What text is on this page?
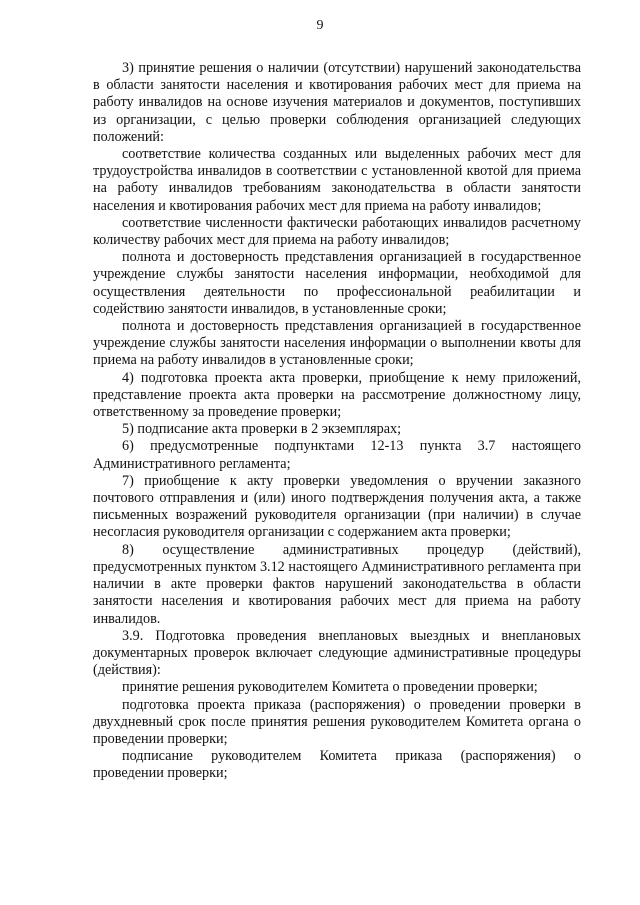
9

3) принятие решения о наличии (отсутствии) нарушений законодательства в области занятости населения и квотирования рабочих мест для приема на работу инвалидов на основе изучения материалов и документов, поступивших из организации, с целью проверки соблюдения организацией следующих положений:

соответствие количества созданных или выделенных рабочих мест для трудоустройства инвалидов в соответствии с установленной квотой для приема на работу инвалидов требованиям законодательства в области занятости населения и квотирования рабочих мест для приема на работу инвалидов;

соответствие численности фактически работающих инвалидов расчетному количеству рабочих мест для приема на работу инвалидов;

полнота и достоверность представления организацией в государственное учреждение службы занятости населения информации, необходимой для осуществления деятельности по профессиональной реабилитации и содействию занятости инвалидов, в установленные сроки;

полнота и достоверность представления организацией в государственное учреждение службы занятости населения информации о выполнении квоты для приема на работу инвалидов в установленные сроки;

4) подготовка проекта акта проверки, приобщение к нему приложений, представление проекта акта проверки на рассмотрение должностному лицу, ответственному за проведение проверки;

5) подписание акта проверки в 2 экземплярах;

6) предусмотренные подпунктами 12-13 пункта 3.7 настоящего Административного регламента;

7) приобщение к акту проверки уведомления о вручении заказного почтового отправления и (или) иного подтверждения получения акта, а также письменных возражений руководителя организации (при наличии) в случае несогласия руководителя организации с содержанием акта проверки;

8) осуществление административных процедур (действий), предусмотренных пунктом 3.12 настоящего Административного регламента при наличии в акте проверки фактов нарушений законодательства в области занятости населения и квотирования рабочих мест для приема на работу инвалидов.

3.9. Подготовка проведения внеплановых выездных и внеплановых документарных проверок включает следующие административные процедуры (действия):

принятие решения руководителем Комитета о проведении проверки;

подготовка проекта приказа (распоряжения) о проведении проверки в двухдневный срок после принятия решения руководителем Комитета органа о проведении проверки;

подписание руководителем Комитета приказа (распоряжения) о проведении проверки;
